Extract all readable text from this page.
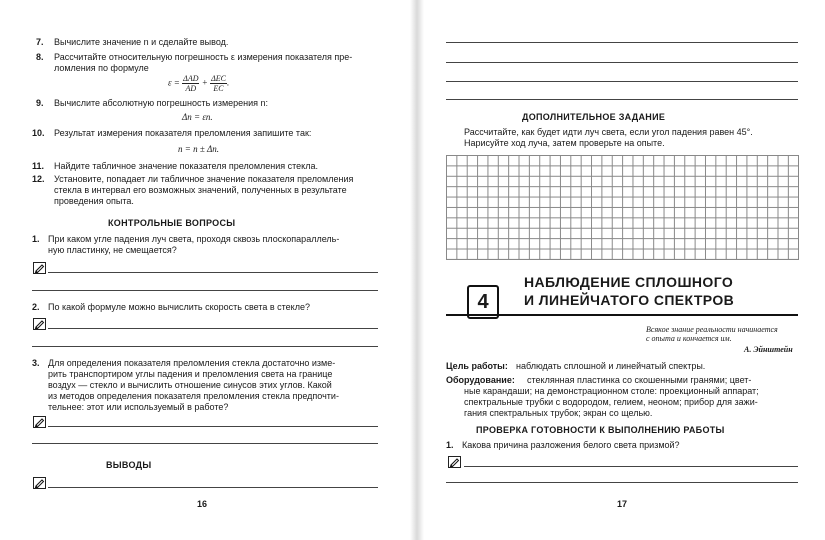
7. Вычислите значение n и сделайте вывод.
8. Рассчитайте относительную погрешность ε измерения показателя пре-
ломления по формуле
$\varepsilon = \frac{\text{ΔAD}}{AD} + \frac{\text{ΔEC}}{EC}$ .
9. Вычислите абсолютную погрешность измерения n:
Δn = εn.
10. Результат измерения показателя преломления запишите так:
n = n ± Δn.
11. Найдите табличное значение показателя преломления стекла.
12. Установите, попадает ли табличное значение показателя преломления
стекла в интервал его возможных значений, полученных в результате
проведения опыта.
КОНТРОЛЬНЫЕ ВОПРОСЫ
1. При каком угле падения луч света, проходя сквозь плоскопараллель-
ную пластинку, не смещается?
2. По какой формуле можно вычислить скорость света в стекле?
3. Для определения показателя преломления стекла достаточно изме-
рить транспортиром углы падения и преломления света на границе
воздух — стекло и вычислить отношение синусов этих углов. Какой
из методов определения показателя преломления стекла предпочти-
тельнее: этот или используемый в работе?
ВЫВОДЫ
16
ДОПОЛНИТЕЛЬНОЕ ЗАДАНИЕ
Рассчитайте, как будет идти луч света, если угол падения равен 45°.
Нарисуйте ход луча, затем проверьте на опыте.
4
НАБЛЮДЕНИЕ СПЛОШНОГО
И ЛИНЕЙЧАТОГО СПЕКТРОВ
Всякое знание реальности начинается
с опыта и кончается им.
А. Эйнштейн
Цель работы: наблюдать сплошной и линейчатый спектры.
Оборудование: стеклянная пластинка со скошенными гранями; цвет-
ные карандаши; на демонстрационном столе: проекционный аппарат;
спектральные трубки с водородом, гелием, неоном; прибор для зажи-
гания спектральных трубок; экран со щелью.
ПРОВЕРКА ГОТОВНОСТИ К ВЫПОЛНЕНИЮ РАБОТЫ
1. Какова причина разложения белого света призмой?
17
